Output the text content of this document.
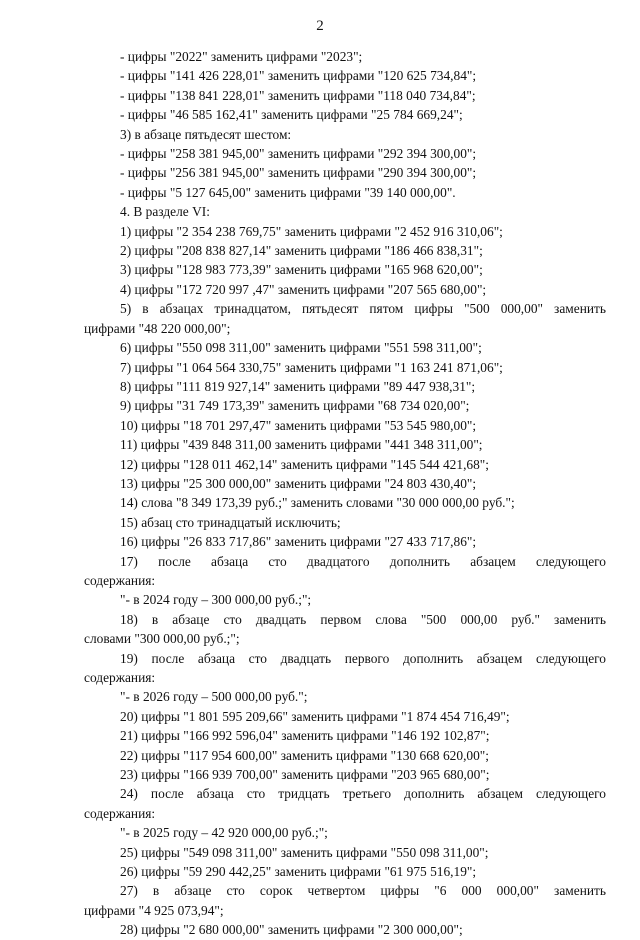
2
- цифры "2022" заменить цифрами "2023";
- цифры "141 426 228,01" заменить цифрами "120 625 734,84";
- цифры "138 841 228,01" заменить цифрами "118 040 734,84";
- цифры "46 585 162,41" заменить цифрами "25 784 669,24";
3) в абзаце пятьдесят шестом:
- цифры "258 381 945,00" заменить цифрами "292 394 300,00";
- цифры "256 381 945,00" заменить цифрами "290 394 300,00";
- цифры "5 127 645,00" заменить цифрами "39 140 000,00".
4. В разделе VI:
1) цифры "2 354 238 769,75" заменить цифрами "2 452 916 310,06";
2) цифры "208 838 827,14" заменить цифрами "186 466 838,31";
3) цифры "128 983 773,39" заменить цифрами "165 968 620,00";
4) цифры "172 720 997 ,47" заменить цифрами "207 565 680,00";
5) в абзацах тринадцатом, пятьдесят пятом цифры "500 000,00" заменить
цифрами "48 220 000,00";
6) цифры "550 098 311,00" заменить цифрами "551 598 311,00";
7) цифры "1 064 564 330,75" заменить цифрами "1 163 241 871,06";
8) цифры "111 819 927,14" заменить цифрами "89 447 938,31";
9) цифры "31 749 173,39" заменить цифрами "68 734 020,00";
10) цифры "18 701 297,47" заменить цифрами "53 545 980,00";
11) цифры "439 848 311,00 заменить цифрами "441 348 311,00";
12) цифры "128 011 462,14" заменить цифрами "145 544 421,68";
13) цифры "25 300 000,00" заменить цифрами "24 803 430,40";
14) слова "8 349 173,39 руб.;" заменить словами "30 000 000,00 руб.";
15) абзац сто тринадцатый исключить;
16) цифры "26 833 717,86" заменить цифрами "27 433 717,86";
17) после абзаца сто двадцатого дополнить абзацем следующего
содержания:
"- в 2024 году – 300 000,00 руб.;";
18) в абзаце сто двадцать первом слова "500 000,00 руб." заменить
словами "300 000,00 руб.;";
19) после абзаца сто двадцать первого дополнить абзацем следующего
содержания:
"- в 2026 году – 500 000,00 руб.";
20) цифры "1 801 595 209,66" заменить цифрами "1 874 454 716,49";
21) цифры "166 992 596,04" заменить цифрами "146 192 102,87";
22) цифры "117 954 600,00" заменить цифрами "130 668 620,00";
23) цифры "166 939 700,00" заменить цифрами "203 965 680,00";
24) после абзаца сто тридцать третьего дополнить абзацем следующего
содержания:
"- в 2025 году – 42 920 000,00 руб.;";
25) цифры "549 098 311,00" заменить цифрами "550 098 311,00";
26) цифры "59 290 442,25" заменить цифрами "61 975 516,19";
27) в абзаце сто сорок четвертом цифры "6 000 000,00" заменить
цифрами "4 925 073,94";
28) цифры "2 680 000,00" заменить цифрами "2 300 000,00";
